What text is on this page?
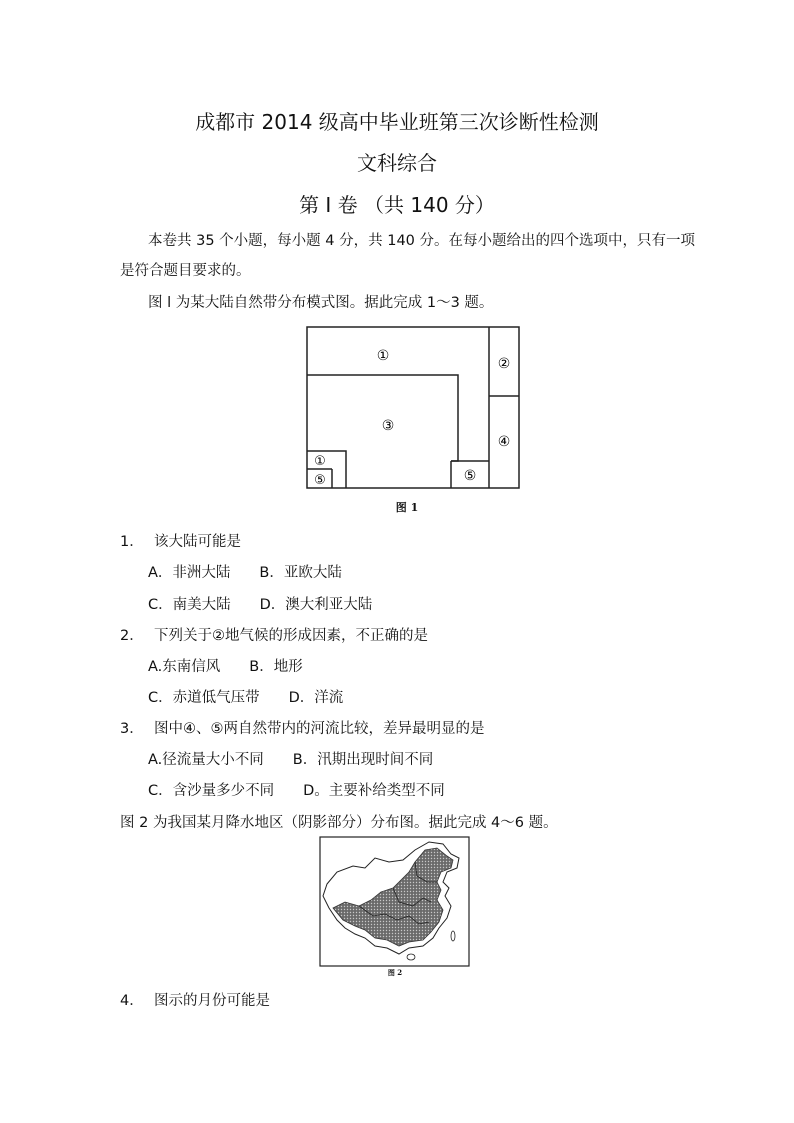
成都市 2014 级高中毕业班第三次诊断性检测
文科综合
第 I 卷 （共 140 分）
本卷共 35 个小题，每小题 4 分，共 140 分。在每小题给出的四个选项中，只有一项
是符合题目要求的。
图 l 为某大陆自然带分布模式图。据此完成 1～3 题。
①	②
③
④
⑤
①
⑤
图 1
1． 该大陆可能是
A．非洲大陆　　B．亚欧大陆
C．南美大陆　　D．澳大利亚大陆
2． 下列关于②地气候的形成因素，不正确的是
A.东南信风　　B．地形
C．赤道低气压带　　D．洋流
3． 图中④、⑤两自然带内的河流比较，差异最明显的是
A.径流量大小不同　　B．汛期出现时间不同
C．含沙量多少不同　　D。主要补给类型不同
图 2 为我国某月降水地区（阴影部分）分布图。据此完成 4～6 题。
图 2
4． 图示的月份可能是
